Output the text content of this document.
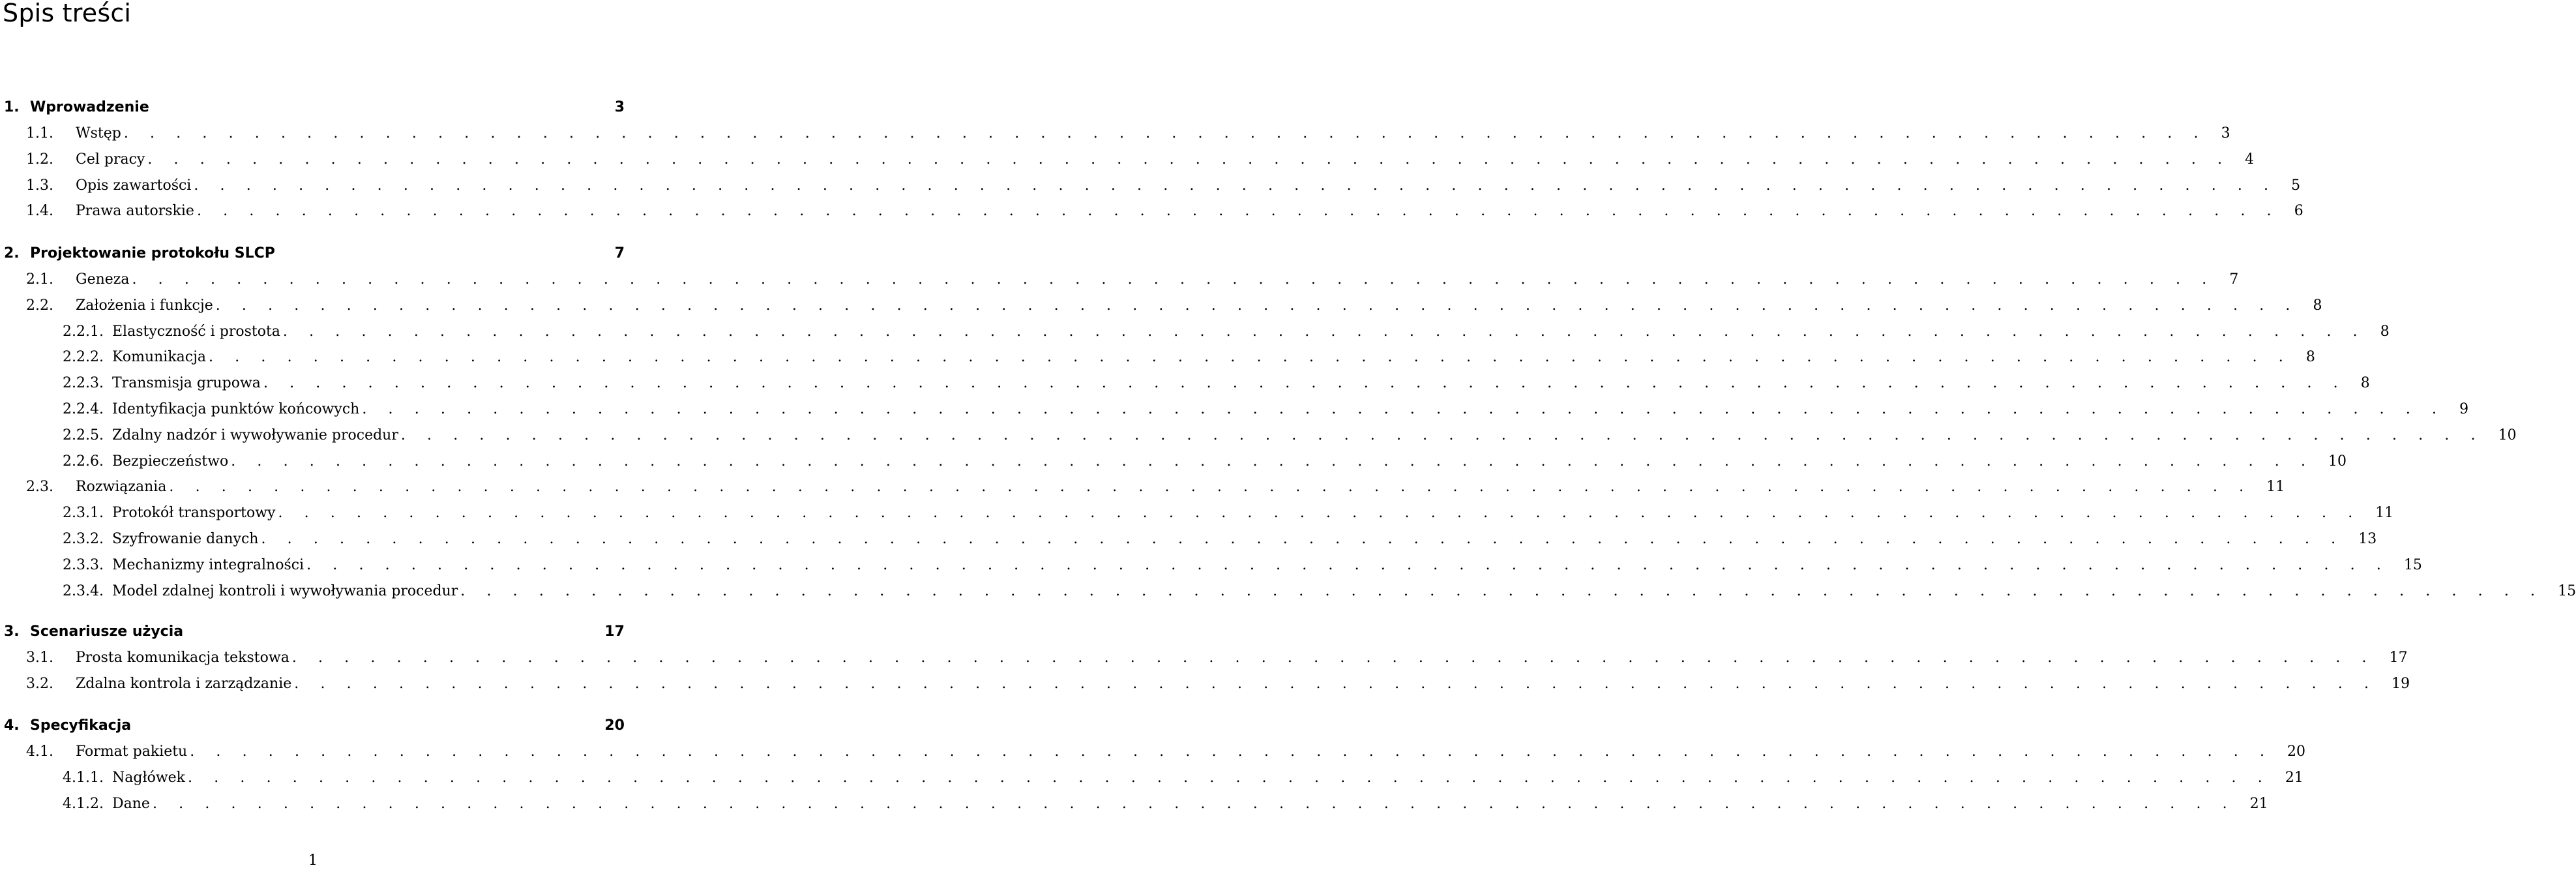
Spis treści
1. Wprowadzenie	3
1.1.	Wstęp . . . . . . . . . . . . . . . . . . . . . . . . . . . . . . . . . . . . . . . . . . . . . . . . . . . . . . . . . . . . . . . . . . . . . . . . . . . . . . . .	3
1.2.	Cel pracy . . . . . . . . . . . . . . . . . . . . . . . . . . . . . . . . . . . . . . . . . . . . . . . . . . . . . . . . . . . . . . . . . . . . . . . . . . . . . . . .	4
1.3.	Opis zawartości . . . . . . . . . . . . . . . . . . . . . . . . . . . . . . . . . . . . . . . . . . . . . . . . . . . . . . . . . . . . . . . . . . . . . . . . . . . . . . . .	5
1.4.	Prawa autorskie . . . . . . . . . . . . . . . . . . . . . . . . . . . . . . . . . . . . . . . . . . . . . . . . . . . . . . . . . . . . . . . . . . . . . . . . . . . . . . . .	6
2. Projektowanie protokołu SLCP	7
2.1.	Geneza . . . . . . . . . . . . . . . . . . . . . . . . . . . . . . . . . . . . . . . . . . . . . . . . . . . . . . . . . . . . . . . . . . . . . . . . . . . . . . . .	7
2.2.	Założenia i funkcje . . . . . . . . . . . . . . . . . . . . . . . . . . . . . . . . . . . . . . . . . . . . . . . . . . . . . . . . . . . . . . . . . . . . . . . . . . . . . . . .	8
2.2.1. Elastyczność i prostota . . . . . . . . . . . . . . . . . . . . . . . . . . . . . . . . . . . . . . . . . . . . . . . . . . . . . . . . . . . . . . . . . . . . . . . . . . . . . . . .	8
2.2.2. Komunikacja . . . . . . . . . . . . . . . . . . . . . . . . . . . . . . . . . . . . . . . . . . . . . . . . . . . . . . . . . . . . . . . . . . . . . . . . . . . . . . . .	8
2.2.3. Transmisja grupowa . . . . . . . . . . . . . . . . . . . . . . . . . . . . . . . . . . . . . . . . . . . . . . . . . . . . . . . . . . . . . . . . . . . . . . . . . . . . . . . .	8
2.2.4. Identyfikacja punktów końcowych . . . . . . . . . . . . . . . . . . . . . . . . . . . . . . . . . . . . . . . . . . . . . . . . . . . . . . . . . . . . . . . . . . . . . . . . . . . . . . . .	9
2.2.5. Zdalny nadzór i wywoływanie procedur . . . . . . . . . . . . . . . . . . . . . . . . . . . . . . . . . . . . . . . . . . . . . . . . . . . . . . . . . . . . . . . . . . . . . . . . . . . . . . . .	10
2.2.6. Bezpieczeństwo . . . . . . . . . . . . . . . . . . . . . . . . . . . . . . . . . . . . . . . . . . . . . . . . . . . . . . . . . . . . . . . . . . . . . . . . . . . . . . . .	10
2.3.	Rozwiązania . . . . . . . . . . . . . . . . . . . . . . . . . . . . . . . . . . . . . . . . . . . . . . . . . . . . . . . . . . . . . . . . . . . . . . . . . . . . . . . .	11
2.3.1. Protokół transportowy . . . . . . . . . . . . . . . . . . . . . . . . . . . . . . . . . . . . . . . . . . . . . . . . . . . . . . . . . . . . . . . . . . . . . . . . . . . . . . . .	11
2.3.2. Szyfrowanie danych . . . . . . . . . . . . . . . . . . . . . . . . . . . . . . . . . . . . . . . . . . . . . . . . . . . . . . . . . . . . . . . . . . . . . . . . . . . . . . . .	13
2.3.3. Mechanizmy integralności . . . . . . . . . . . . . . . . . . . . . . . . . . . . . . . . . . . . . . . . . . . . . . . . . . . . . . . . . . . . . . . . . . . . . . . . . . . . . . . .	15
2.3.4. Model zdalnej kontroli i wywoływania procedur . . . . . . . . . . . . . . . . . . . . . . . . . . . . . . . . . . . . . . . . . . . . . . . . . . . . . . . . . . . . . . . . . . . . . . . . . . . . . . . .	15
3. Scenariusze użycia	17
3.1.	Prosta komunikacja tekstowa . . . . . . . . . . . . . . . . . . . . . . . . . . . . . . . . . . . . . . . . . . . . . . . . . . . . . . . . . . . . . . . . . . . . . . . . . . . . . . . .	17
3.2.	Zdalna kontrola i zarządzanie . . . . . . . . . . . . . . . . . . . . . . . . . . . . . . . . . . . . . . . . . . . . . . . . . . . . . . . . . . . . . . . . . . . . . . . . . . . . . . . .	19
4. Specyfikacja	20
4.1.	Format pakietu . . . . . . . . . . . . . . . . . . . . . . . . . . . . . . . . . . . . . . . . . . . . . . . . . . . . . . . . . . . . . . . . . . . . . . . . . . . . . . . .	20
4.1.1. Nagłówek . . . . . . . . . . . . . . . . . . . . . . . . . . . . . . . . . . . . . . . . . . . . . . . . . . . . . . . . . . . . . . . . . . . . . . . . . . . . . . . .	21
4.1.2. Dane . . . . . . . . . . . . . . . . . . . . . . . . . . . . . . . . . . . . . . . . . . . . . . . . . . . . . . . . . . . . . . . . . . . . . . . . . . . . . . . .	21
1
